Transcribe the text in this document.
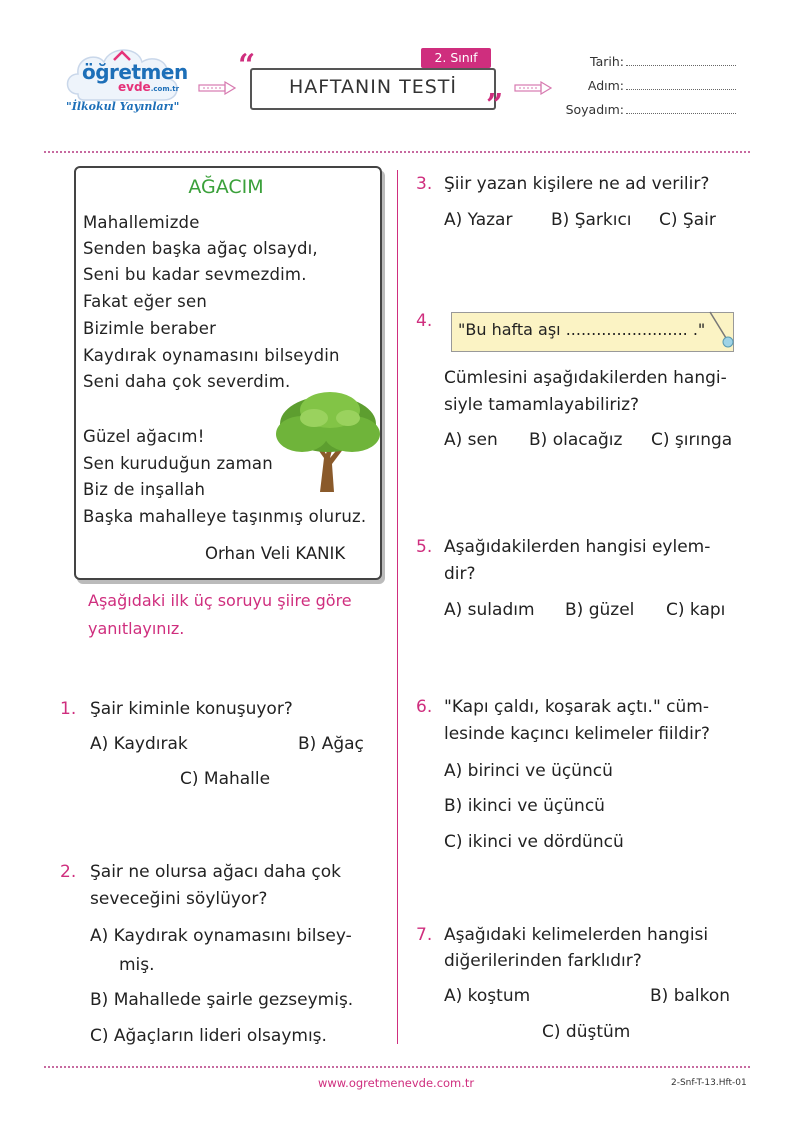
öğretmen
evde.com.tr
"İlkokul Yayınları"
“
”
2. Sınıf
HAFTANIN TESTİ
Tarih:
Adım:
Soyadım:
AĞACIM
Mahallemizde
Senden başka ağaç olsaydı,
Seni bu kadar sevmezdim.
Fakat eğer sen
Bizimle beraber
Kaydırak oynamasını bilseydin
Seni daha çok severdim.
Güzel ağacım!
Sen kuruduğun zaman
Biz de inşallah
Başka mahalleye taşınmış oluruz.
Orhan Veli KANIK
Aşağıdaki ilk üç soruyu şiire göre
yanıtlayınız.
1. Şair kiminle konuşuyor?
A) Kaydırak	B) Ağaç
C) Mahalle
2. Şair ne olursa ağacı daha çok
seveceğini söylüyor?
A) Kaydırak oynamasını bilsey-
miş.
B) Mahallede şairle gezseymiş.
C) Ağaçların lideri olsaymış.
3. Şiir yazan kişilere ne ad verilir?
A) Yazar B) Şarkıcı C) Şair
4. "Bu hafta aşı ........................ ."
Cümlesini aşağıdakilerden hangi-
siyle tamamlayabiliriz?
A) sen B) olacağız C) şırınga
5. Aşağıdakilerden hangisi eylem-
dir?
A) suladım B) güzel C) kapı
6. "Kapı çaldı, koşarak açtı." cüm-
lesinde kaçıncı kelimeler fiildir?
A) birinci ve üçüncü
B) ikinci ve üçüncü
C) ikinci ve dördüncü
7. Aşağıdaki kelimelerden hangisi
diğerilerinden farklıdır?
A) koştum	B) balkon
C) düştüm
www.ogretmenevde.com.tr	2-Snf-T-13.Hft-01
